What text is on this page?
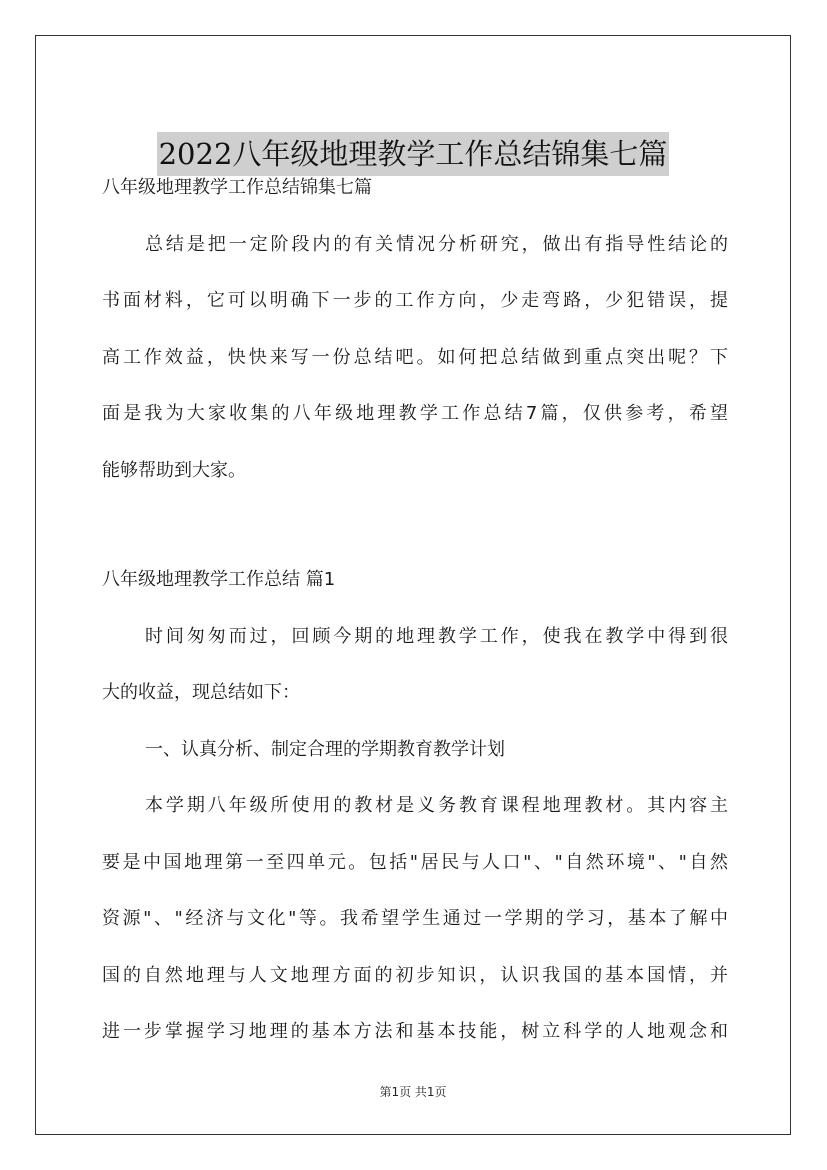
2022八年级地理教学工作总结锦集七篇
八年级地理教学工作总结锦集七篇
总结是把一定阶段内的有关情况分析研究，做出有指导性结论的
书面材料，它可以明确下一步的工作方向，少走弯路，少犯错误，提
高工作效益，快快来写一份总结吧。如何把总结做到重点突出呢？下
面是我为大家收集的八年级地理教学工作总结7篇，仅供参考，希望
能够帮助到大家。
八年级地理教学工作总结 篇1
时间匆匆而过，回顾今期的地理教学工作，使我在教学中得到很
大的收益，现总结如下：
一、认真分析、制定合理的学期教育教学计划
本学期八年级所使用的教材是义务教育课程地理教材。其内容主
要是中国地理第一至四单元。包括"居民与人口"、"自然环境"、"自然
资源"、"经济与文化"等。我希望学生通过一学期的学习，基本了解中
国的自然地理与人文地理方面的初步知识，认识我国的基本国情，并
进一步掌握学习地理的基本方法和基本技能，树立科学的人地观念和
第1页 共1页
